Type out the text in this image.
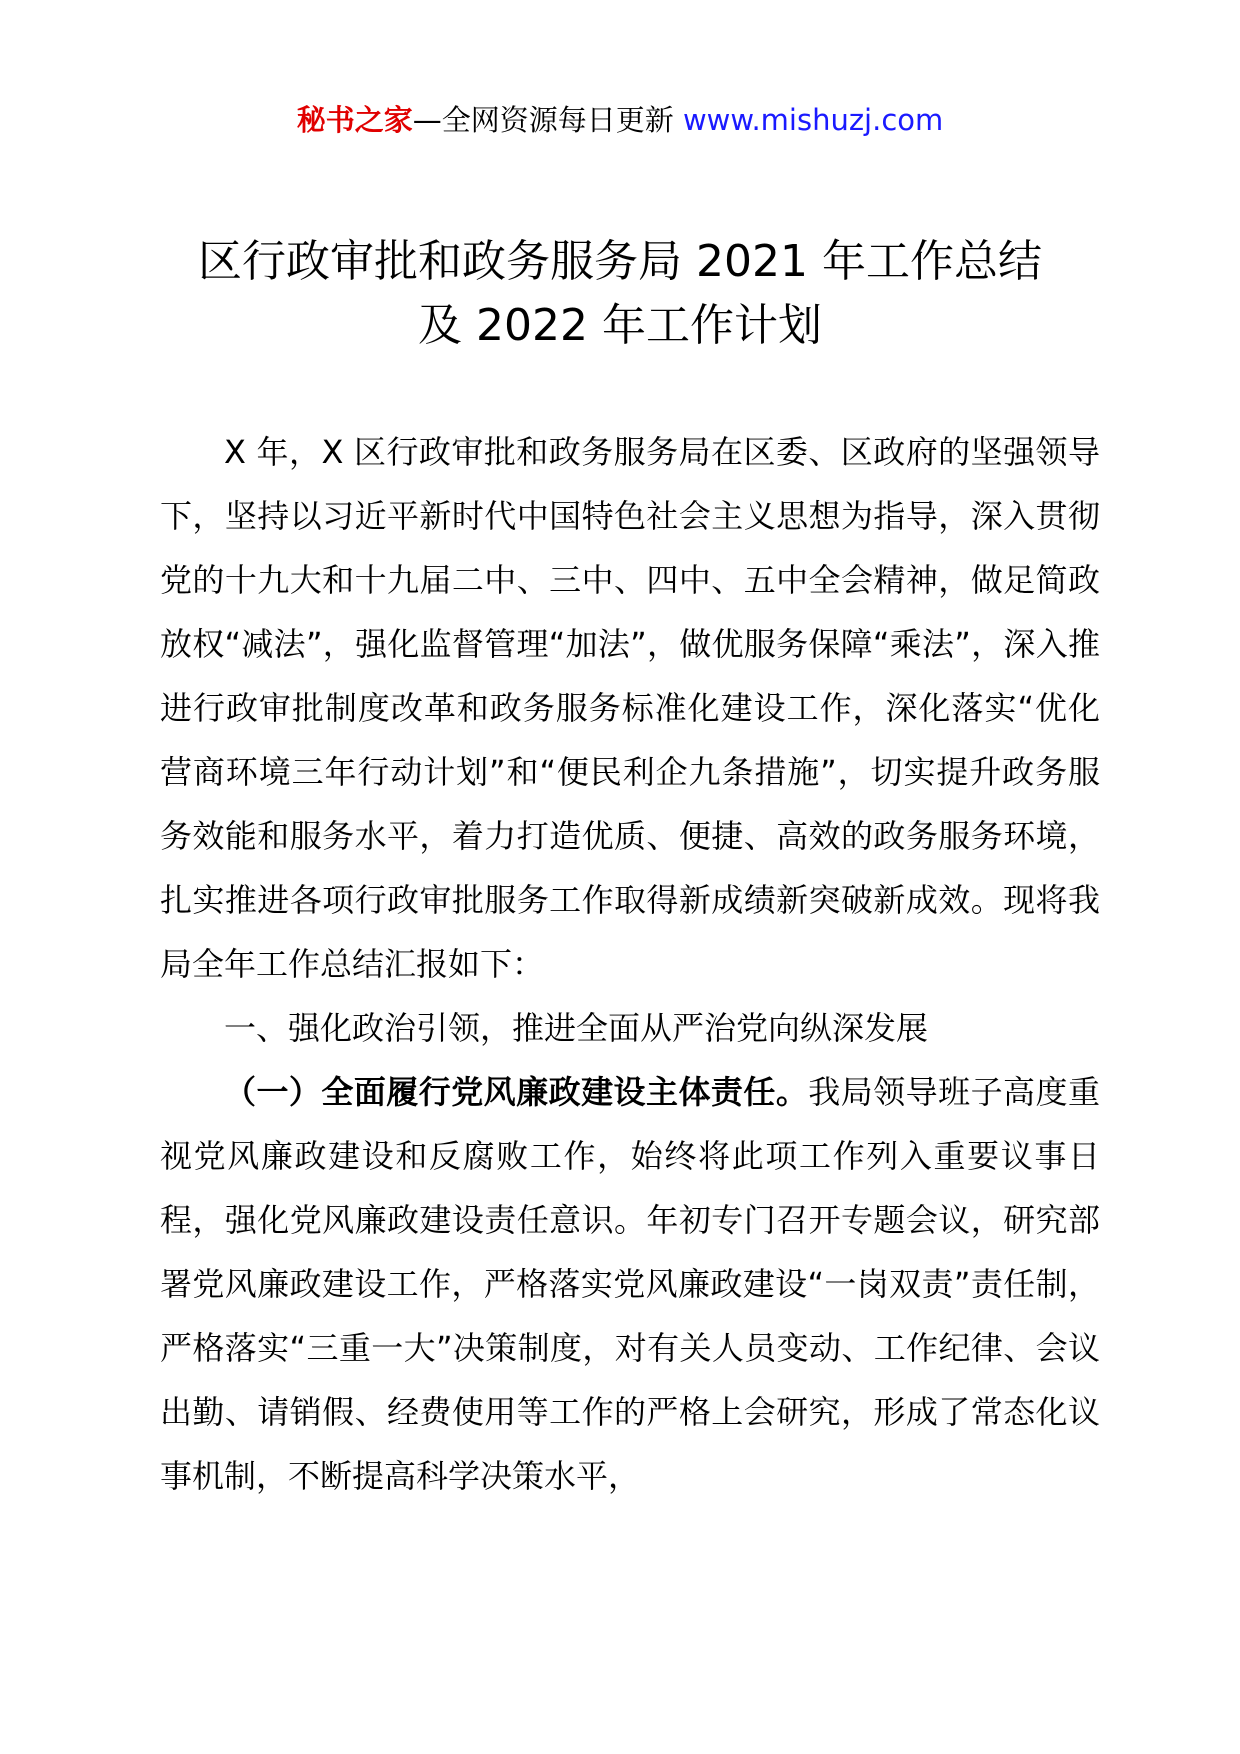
秘书之家—全网资源每日更新 www.mishuzj.com
区行政审批和政务服务局 2021 年工作总结
及 2022 年工作计划

X 年，X 区行政审批和政务服务局在区委、区政府的坚强领导下，坚持以习近平新时代中国特色社会主义思想为指导，深入贯彻党的十九大和十九届二中、三中、四中、五中全会精神，做足简政放权“减法”，强化监督管理“加法”，做优服务保障“乘法”，深入推进行政审批制度改革和政务服务标准化建设工作，深化落实“优化营商环境三年行动计划”和“便民利企九条措施”，切实提升政务服务效能和服务水平，着力打造优质、便捷、高效的政务服务环境，扎实推进各项行政审批服务工作取得新成绩新突破新成效。现将我局全年工作总结汇报如下：

一、强化政治引领，推进全面从严治党向纵深发展

（一）全面履行党风廉政建设主体责任。我局领导班子高度重视党风廉政建设和反腐败工作，始终将此项工作列入重要议事日程，强化党风廉政建设责任意识。年初专门召开专题会议，研究部署党风廉政建设工作，严格落实党风廉政建设“一岗双责”责任制，严格落实“三重一大”决策制度，对有关人员变动、工作纪律、会议出勤、请销假、经费使用等工作的严格上会研究，形成了常态化议事机制，不断提高科学决策水平，
